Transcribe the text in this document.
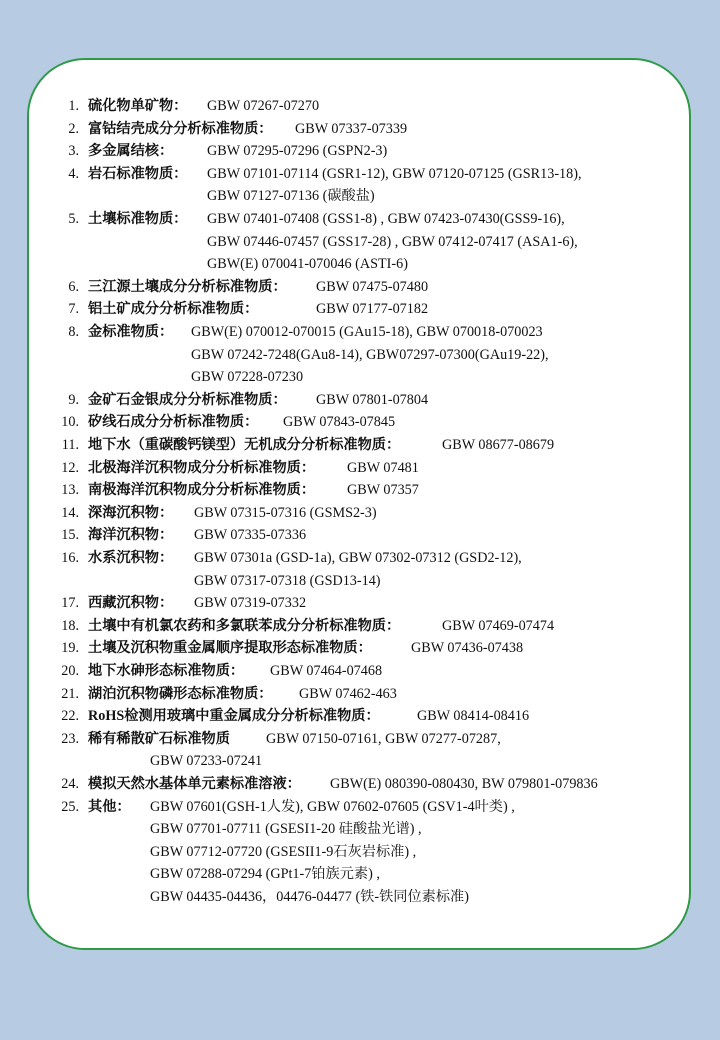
1. 硫化物单矿物： GBW 07267-07270
2. 富钴结壳成分分析标准物质： GBW 07337-07339
3. 多金属结核： GBW 07295-07296 (GSPN2-3)
4. 岩石标准物质： GBW 07101-07114 (GSR1-12), GBW 07120-07125 (GSR13-18),
GBW 07127-07136 (碳酸盐)
5. 土壤标准物质： GBW 07401-07408 (GSS1-8) , GBW 07423-07430(GSS9-16),
GBW 07446-07457 (GSS17-28) , GBW 07412-07417 (ASA1-6),
GBW(E) 070041-070046 (ASTI-6)
6. 三江源土壤成分分析标准物质： GBW 07475-07480
7. 铝土矿成分分析标准物质：	GBW 07177-07182
8. 金标准物质： GBW(E) 070012-070015 (GAu15-18), GBW 070018-070023
GBW 07242-7248(GAu8-14), GBW07297-07300(GAu19-22),
GBW 07228-07230
9. 金矿石金银成分分析标准物质： GBW 07801-07804
10. 矽线石成分分析标准物质： GBW 07843-07845
11. 地下水（重碳酸钙镁型）无机成分分析标准物质：	GBW 08677-08679
12. 北极海洋沉积物成分分析标准物质： GBW 07481
13. 南极海洋沉积物成分分析标准物质： GBW 07357
14. 深海沉积物： GBW 07315-07316 (GSMS2-3)
15. 海洋沉积物： GBW 07335-07336
16. 水系沉积物： GBW 07301a (GSD-1a), GBW 07302-07312 (GSD2-12),
GBW 07317-07318 (GSD13-14)
17. 西藏沉积物： GBW 07319-07332
18. 土壤中有机氯农药和多氯联苯成分分析标准物质：	GBW 07469-07474
19. 土壤及沉积物重金属顺序提取形态标准物质：	GBW 07436-07438
20. 地下水砷形态标准物质： GBW 07464-07468
21. 湖泊沉积物磷形态标准物质： GBW 07462-463
22. RoHS检测用玻璃中重金属成分分析标准物质：	GBW 08414-08416
23. 稀有稀散矿石标准物质	GBW 07150-07161, GBW 07277-07287,
GBW 07233-07241
24. 模拟天然水基体单元素标准溶液： GBW(E) 080390-080430, BW 079801-079836
25. 其他： GBW 07601(GSH-1人发), GBW 07602-07605 (GSV1-4叶类) ,
GBW 07701-07711 (GSESI1-20 硅酸盐光谱) ,
GBW 07712-07720 (GSESII1-9石灰岩标准) ,
GBW 07288-07294 (GPt1-7铂族元素) ,
GBW 04435-04436，04476-04477 (铁-铁同位素标准)
